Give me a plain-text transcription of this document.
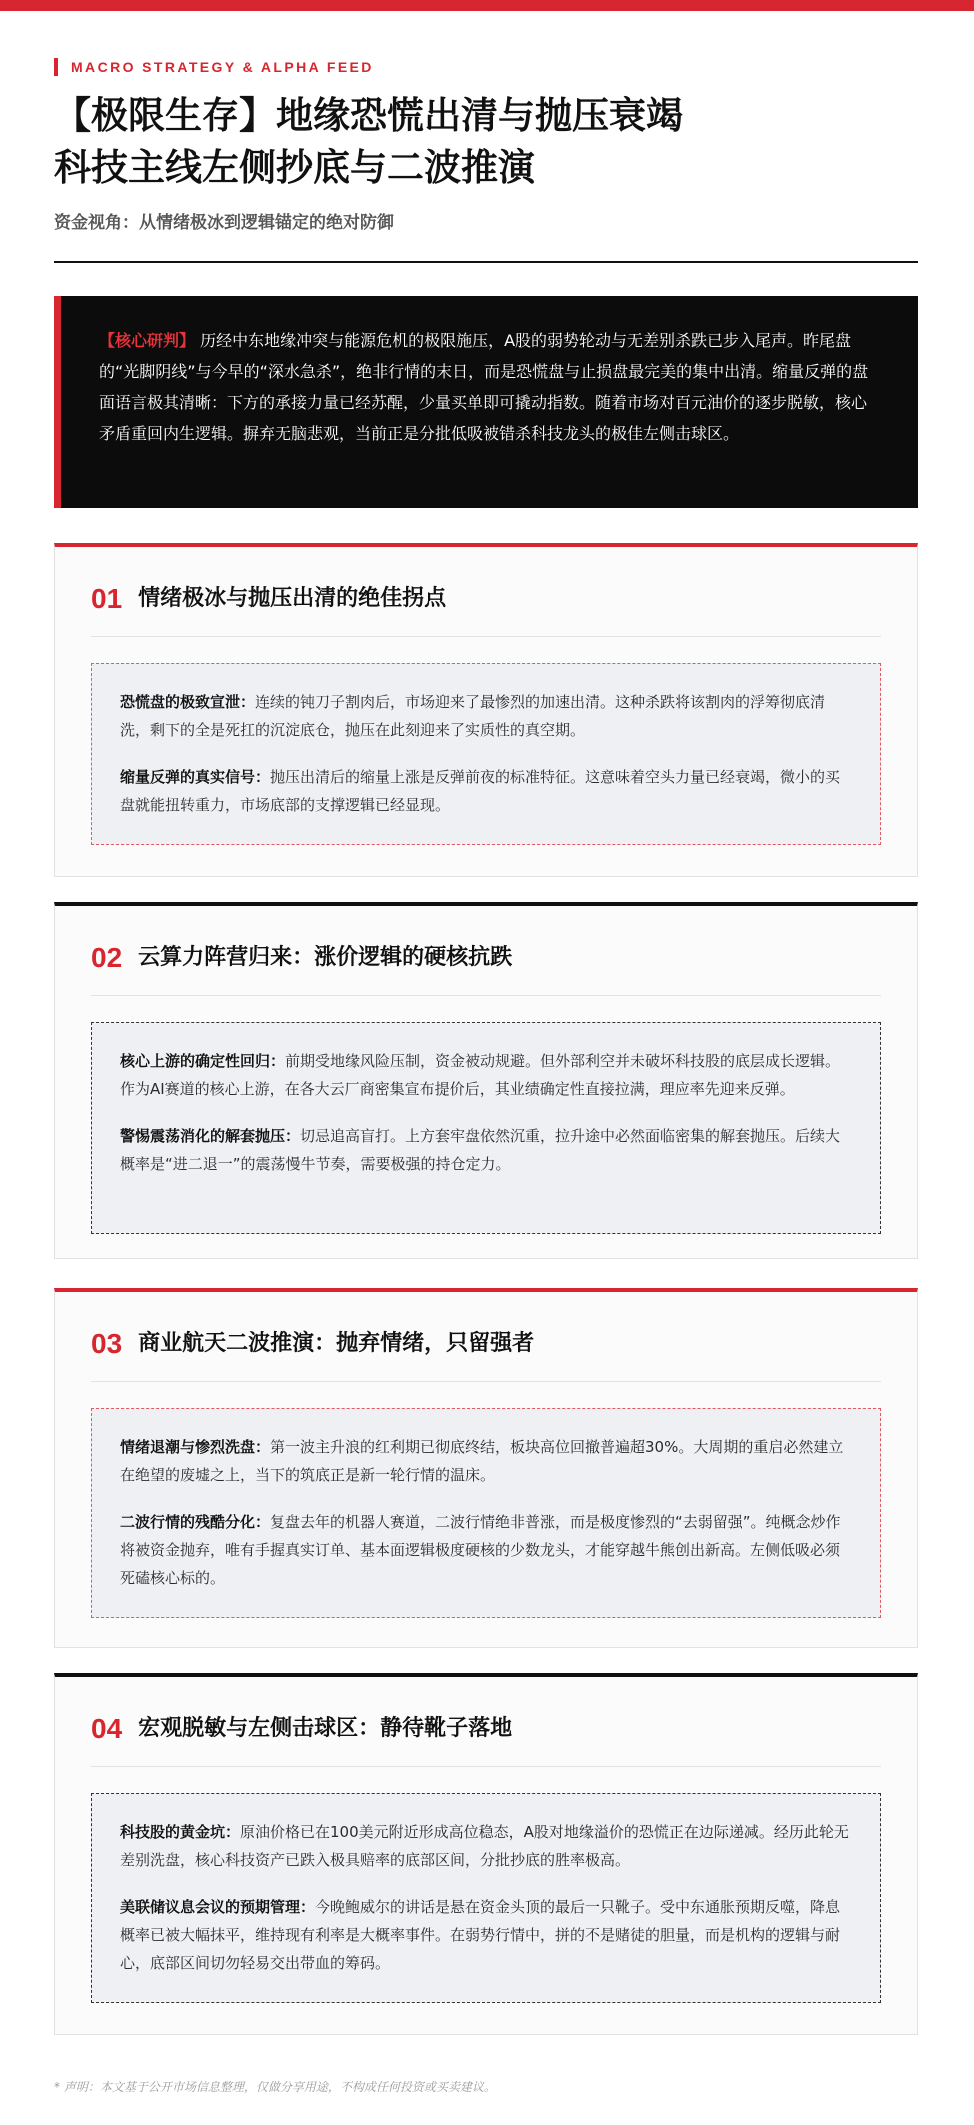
MACRO STRATEGY & ALPHA FEED
【极限生存】地缘恐慌出清与抛压衰竭
科技主线左侧抄底与二波推演
资金视角：从情绪极冰到逻辑锚定的绝对防御
【核心研判】 历经中东地缘冲突与能源危机的极限施压，A股的弱势轮动与无差别杀跌已步入尾声。昨尾盘的“光脚阴线”与今早的“深水急杀”，绝非行情的末日，而是恐慌盘与止损盘最完美的集中出清。缩量反弹的盘面语言极其清晰：下方的承接力量已经苏醒，少量买单即可撬动指数。随着市场对百元油价的逐步脱敏，核心矛盾重回内生逻辑。摒弃无脑悲观，当前正是分批低吸被错杀科技龙头的极佳左侧击球区。
01 情绪极冰与抛压出清的绝佳拐点

恐慌盘的极致宣泄：连续的钝刀子割肉后，市场迎来了最惨烈的加速出清。这种杀跌将该割肉的浮筹彻底清洗，剩下的全是死扛的沉淀底仓，抛压在此刻迎来了实质性的真空期。

缩量反弹的真实信号：抛压出清后的缩量上涨是反弹前夜的标准特征。这意味着空头力量已经衰竭，微小的买盘就能扭转重力，市场底部的支撑逻辑已经显现。

02 云算力阵营归来：涨价逻辑的硬核抗跌

核心上游的确定性回归：前期受地缘风险压制，资金被动规避。但外部利空并未破坏科技股的底层成长逻辑。作为AI赛道的核心上游，在各大云厂商密集宣布提价后，其业绩确定性直接拉满，理应率先迎来反弹。

警惕震荡消化的解套抛压：切忌追高盲打。上方套牢盘依然沉重，拉升途中必然面临密集的解套抛压。后续大概率是“进二退一”的震荡慢牛节奏，需要极强的持仓定力。

03 商业航天二波推演：抛弃情绪，只留强者

情绪退潮与惨烈洗盘：第一波主升浪的红利期已彻底终结，板块高位回撤普遍超30%。大周期的重启必然建立在绝望的废墟之上，当下的筑底正是新一轮行情的温床。

二波行情的残酷分化：复盘去年的机器人赛道，二波行情绝非普涨，而是极度惨烈的“去弱留强”。纯概念炒作将被资金抛弃，唯有手握真实订单、基本面逻辑极度硬核的少数龙头，才能穿越牛熊创出新高。左侧低吸必须死磕核心标的。

04 宏观脱敏与左侧击球区：静待靴子落地

科技股的黄金坑：原油价格已在100美元附近形成高位稳态，A股对地缘溢价的恐慌正在边际递减。经历此轮无差别洗盘，核心科技资产已跌入极具赔率的底部区间，分批抄底的胜率极高。

美联储议息会议的预期管理：今晚鲍威尔的讲话是悬在资金头顶的最后一只靴子。受中东通胀预期反噬，降息概率已被大幅抹平，维持现有利率是大概率事件。在弱势行情中，拼的不是赌徒的胆量，而是机构的逻辑与耐心，底部区间切勿轻易交出带血的筹码。

* 声明：本文基于公开市场信息整理，仅做分享用途，不构成任何投资或买卖建议。
